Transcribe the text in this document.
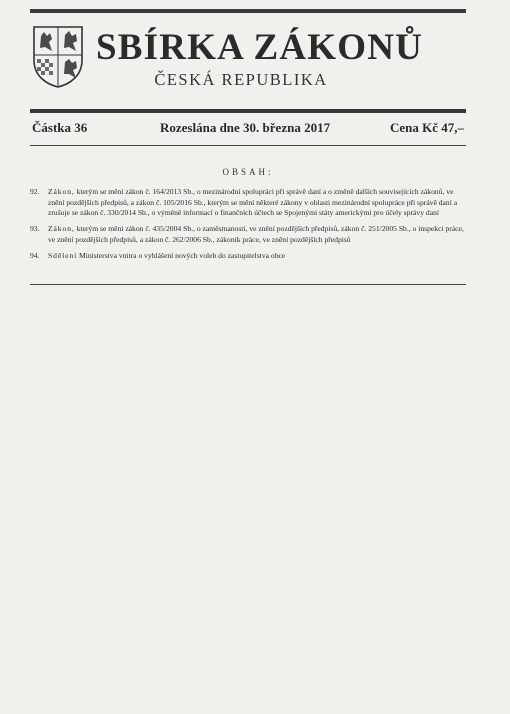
SBÍRKA ZÁKONŮ
ČESKÁ REPUBLIKA
Částka 36	Rozeslána dne 30. března 2017	Cena Kč 47,–
OBSAH:
92. Zákon, kterým se mění zákon č. 164/2013 Sb., o mezinárodní spolupráci při správě daní a o změně dalších souvisejících zákonů, ve znění pozdějších předpisů, a zákon č. 105/2016 Sb., kterým se mění některé zákony v oblasti mezinárodní spolupráce při správě daní a zrušuje se zákon č. 330/2014 Sb., o výměně informací o finančních účtech se Spojenými státy americkými pro účely správy daní
93. Zákon, kterým se mění zákon č. 435/2004 Sb., o zaměstnanosti, ve znění pozdějších předpisů, zákon č. 251/2005 Sb., o inspekci práce, ve znění pozdějších předpisů, a zákon č. 262/2006 Sb., zákoník práce, ve znění pozdějších předpisů
94. Sdělení Ministerstva vnitra o vyhlášení nových voleb do zastupitelstva obce
